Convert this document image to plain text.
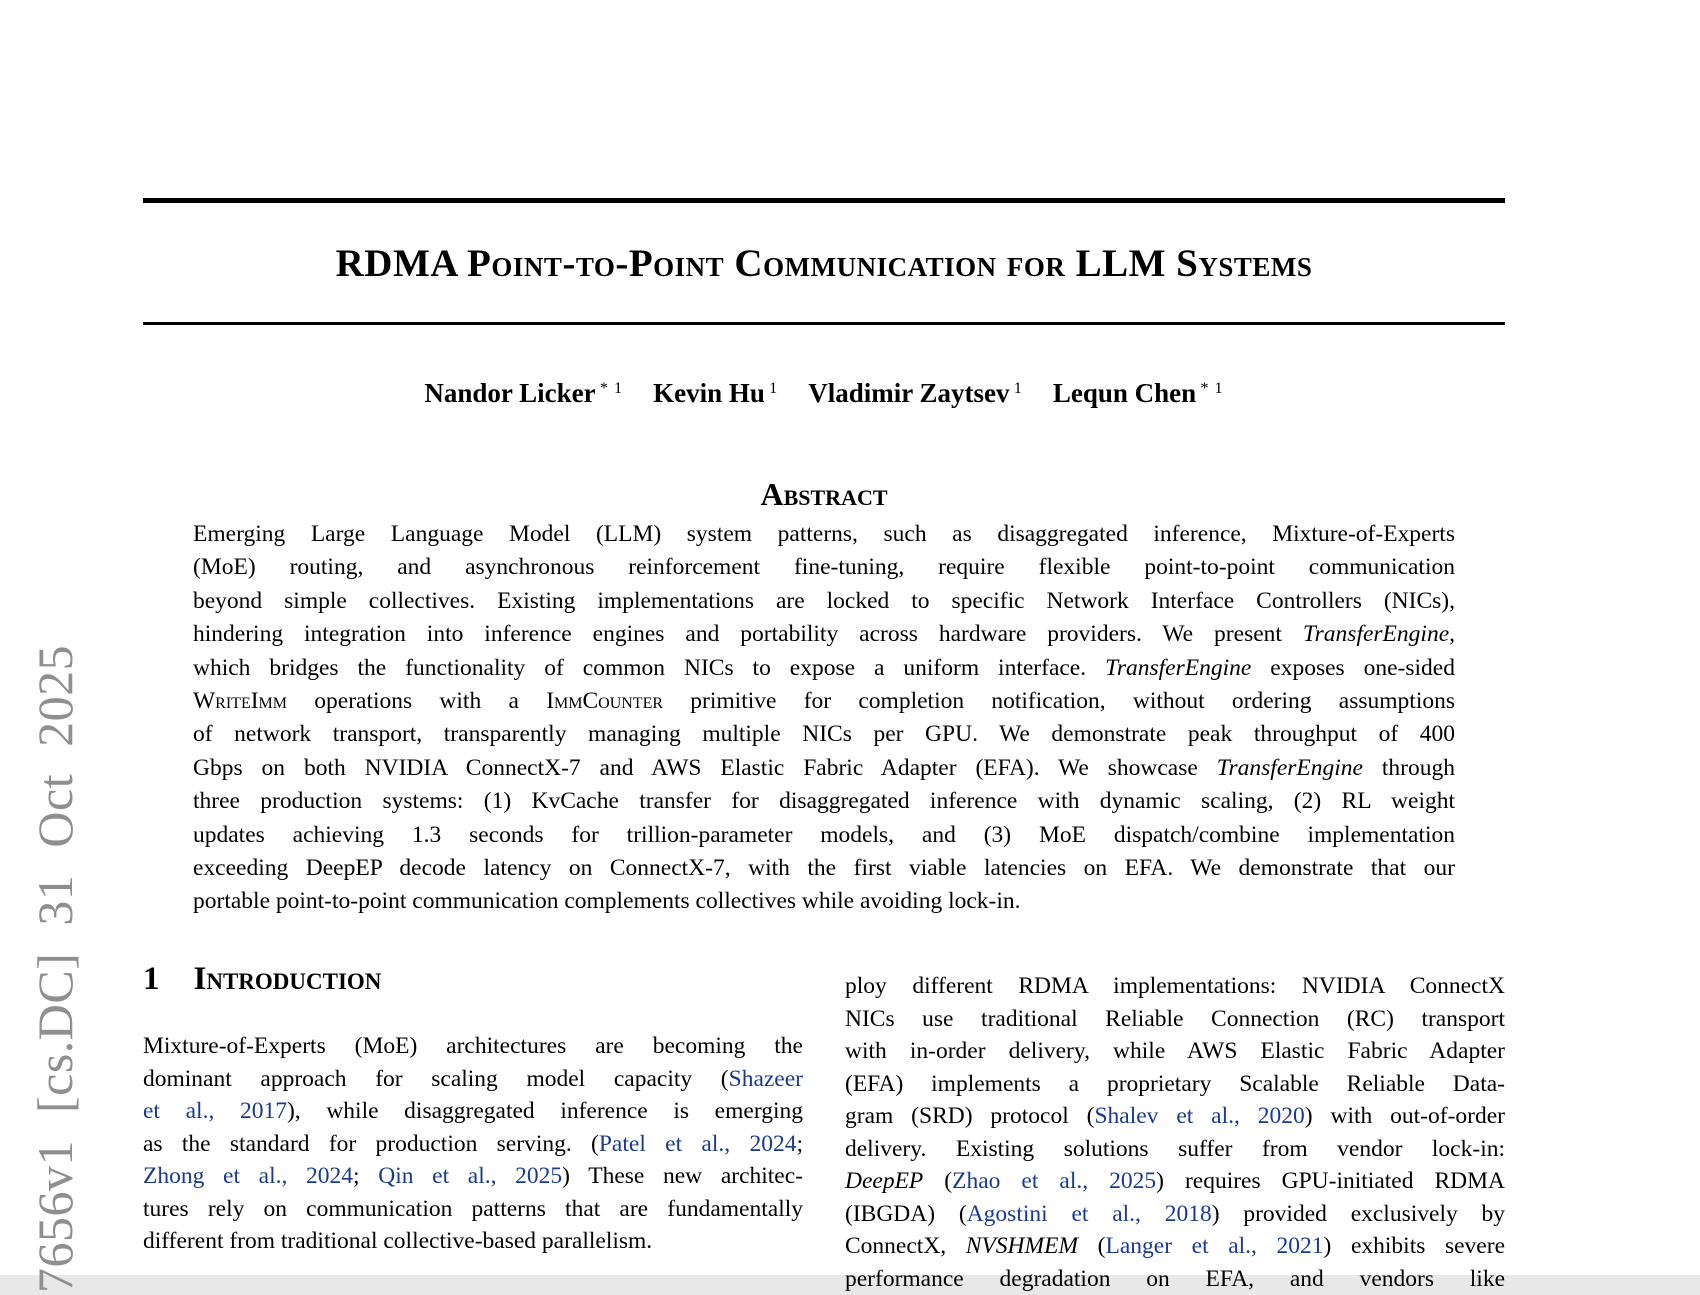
7656v1 [cs.DC] 31 Oct 2025
RDMA Point-to-Point Communication for LLM Systems
Nandor Licker $^{* 1}$ Kevin Hu $^1$ Vladimir Zaytsev $^1$ Lequn Chen $^{* 1}$
Abstract
Emerging Large Language Model (LLM) system patterns, such as disaggregated inference, Mixture-of-Experts
(MoE) routing, and asynchronous reinforcement fine-tuning, require flexible point-to-point communication
beyond simple collectives. Existing implementations are locked to specific Network Interface Controllers (NICs),
hindering integration into inference engines and portability across hardware providers. We present TransferEngine,
which bridges the functionality of common NICs to expose a uniform interface. TransferEngine exposes one-sided
WriteImm operations with a ImmCounter primitive for completion notification, without ordering assumptions
of network transport, transparently managing multiple NICs per GPU. We demonstrate peak throughput of 400
Gbps on both NVIDIA ConnectX-7 and AWS Elastic Fabric Adapter (EFA). We showcase TransferEngine through
three production systems: (1) KvCache transfer for disaggregated inference with dynamic scaling, (2) RL weight
updates achieving 1.3 seconds for trillion-parameter models, and (3) MoE dispatch/combine implementation
exceeding DeepEP decode latency on ConnectX-7, with the first viable latencies on EFA. We demonstrate that our
portable point-to-point communication complements collectives while avoiding lock-in.
1 Introduction
Mixture-of-Experts (MoE) architectures are becoming the
dominant approach for scaling model capacity (Shazeer
et al., 2017), while disaggregated inference is emerging
as the standard for production serving. (Patel et al., 2024;
Zhong et al., 2024; Qin et al., 2025) These new architec-
tures rely on communication patterns that are fundamentally
different from traditional collective-based parallelism.
ploy different RDMA implementations: NVIDIA ConnectX
NICs use traditional Reliable Connection (RC) transport
with in-order delivery, while AWS Elastic Fabric Adapter
(EFA) implements a proprietary Scalable Reliable Data-
gram (SRD) protocol (Shalev et al., 2020) with out-of-order
delivery. Existing solutions suffer from vendor lock-in:
DeepEP (Zhao et al., 2025) requires GPU-initiated RDMA
(IBGDA) (Agostini et al., 2018) provided exclusively by
ConnectX, NVSHMEM (Langer et al., 2021) exhibits severe
performance degradation on EFA, and vendors like
